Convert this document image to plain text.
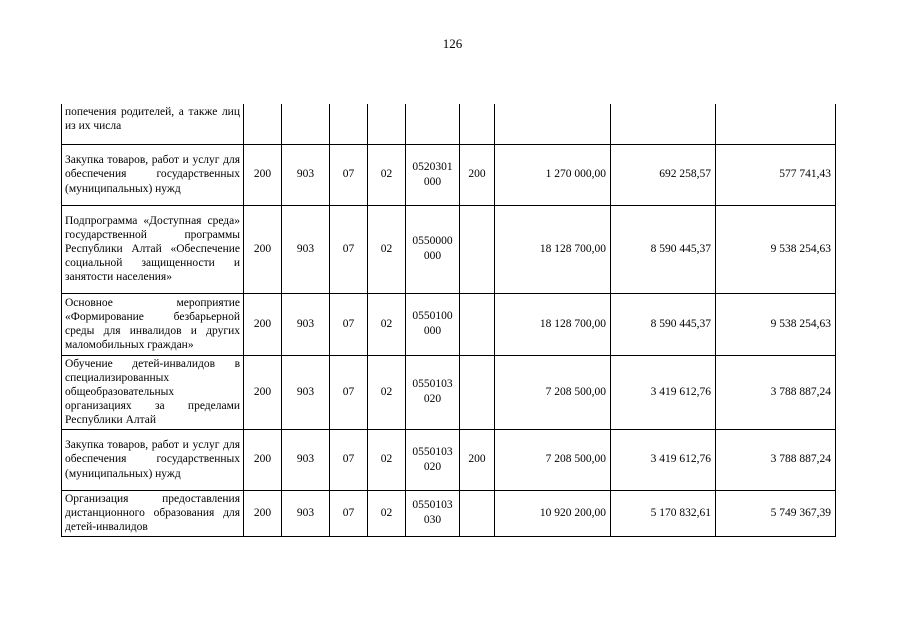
126
попечения родителей, а также лиц из их числа									
Закупка товаров, работ и услуг для обеспечения государственных (муниципальных) нужд	200	903	07	02	0520301 000	200	1 270 000,00	692 258,57	577 741,43
Подпрограмма «Доступная среда» государственной программы Республики Алтай «Обеспечение социальной защищенности и занятости населения»	200	903	07	02	0550000 000		18 128 700,00	8 590 445,37	9 538 254,63
Основное мероприятие «Формирование безбарьерной среды для инвалидов и других маломобильных граждан»	200	903	07	02	0550100 000		18 128 700,00	8 590 445,37	9 538 254,63
Обучение детей-инвалидов в специализированных общеобразовательных организациях за пределами Республики Алтай	200	903	07	02	0550103 020		7 208 500,00	3 419 612,76	3 788 887,24
Закупка товаров, работ и услуг для обеспечения государственных (муниципальных) нужд	200	903	07	02	0550103 020	200	7 208 500,00	3 419 612,76	3 788 887,24
Организация предоставления дистанционного образования для детей-инвалидов	200	903	07	02	0550103 030		10 920 200,00	5 170 832,61	5 749 367,39
